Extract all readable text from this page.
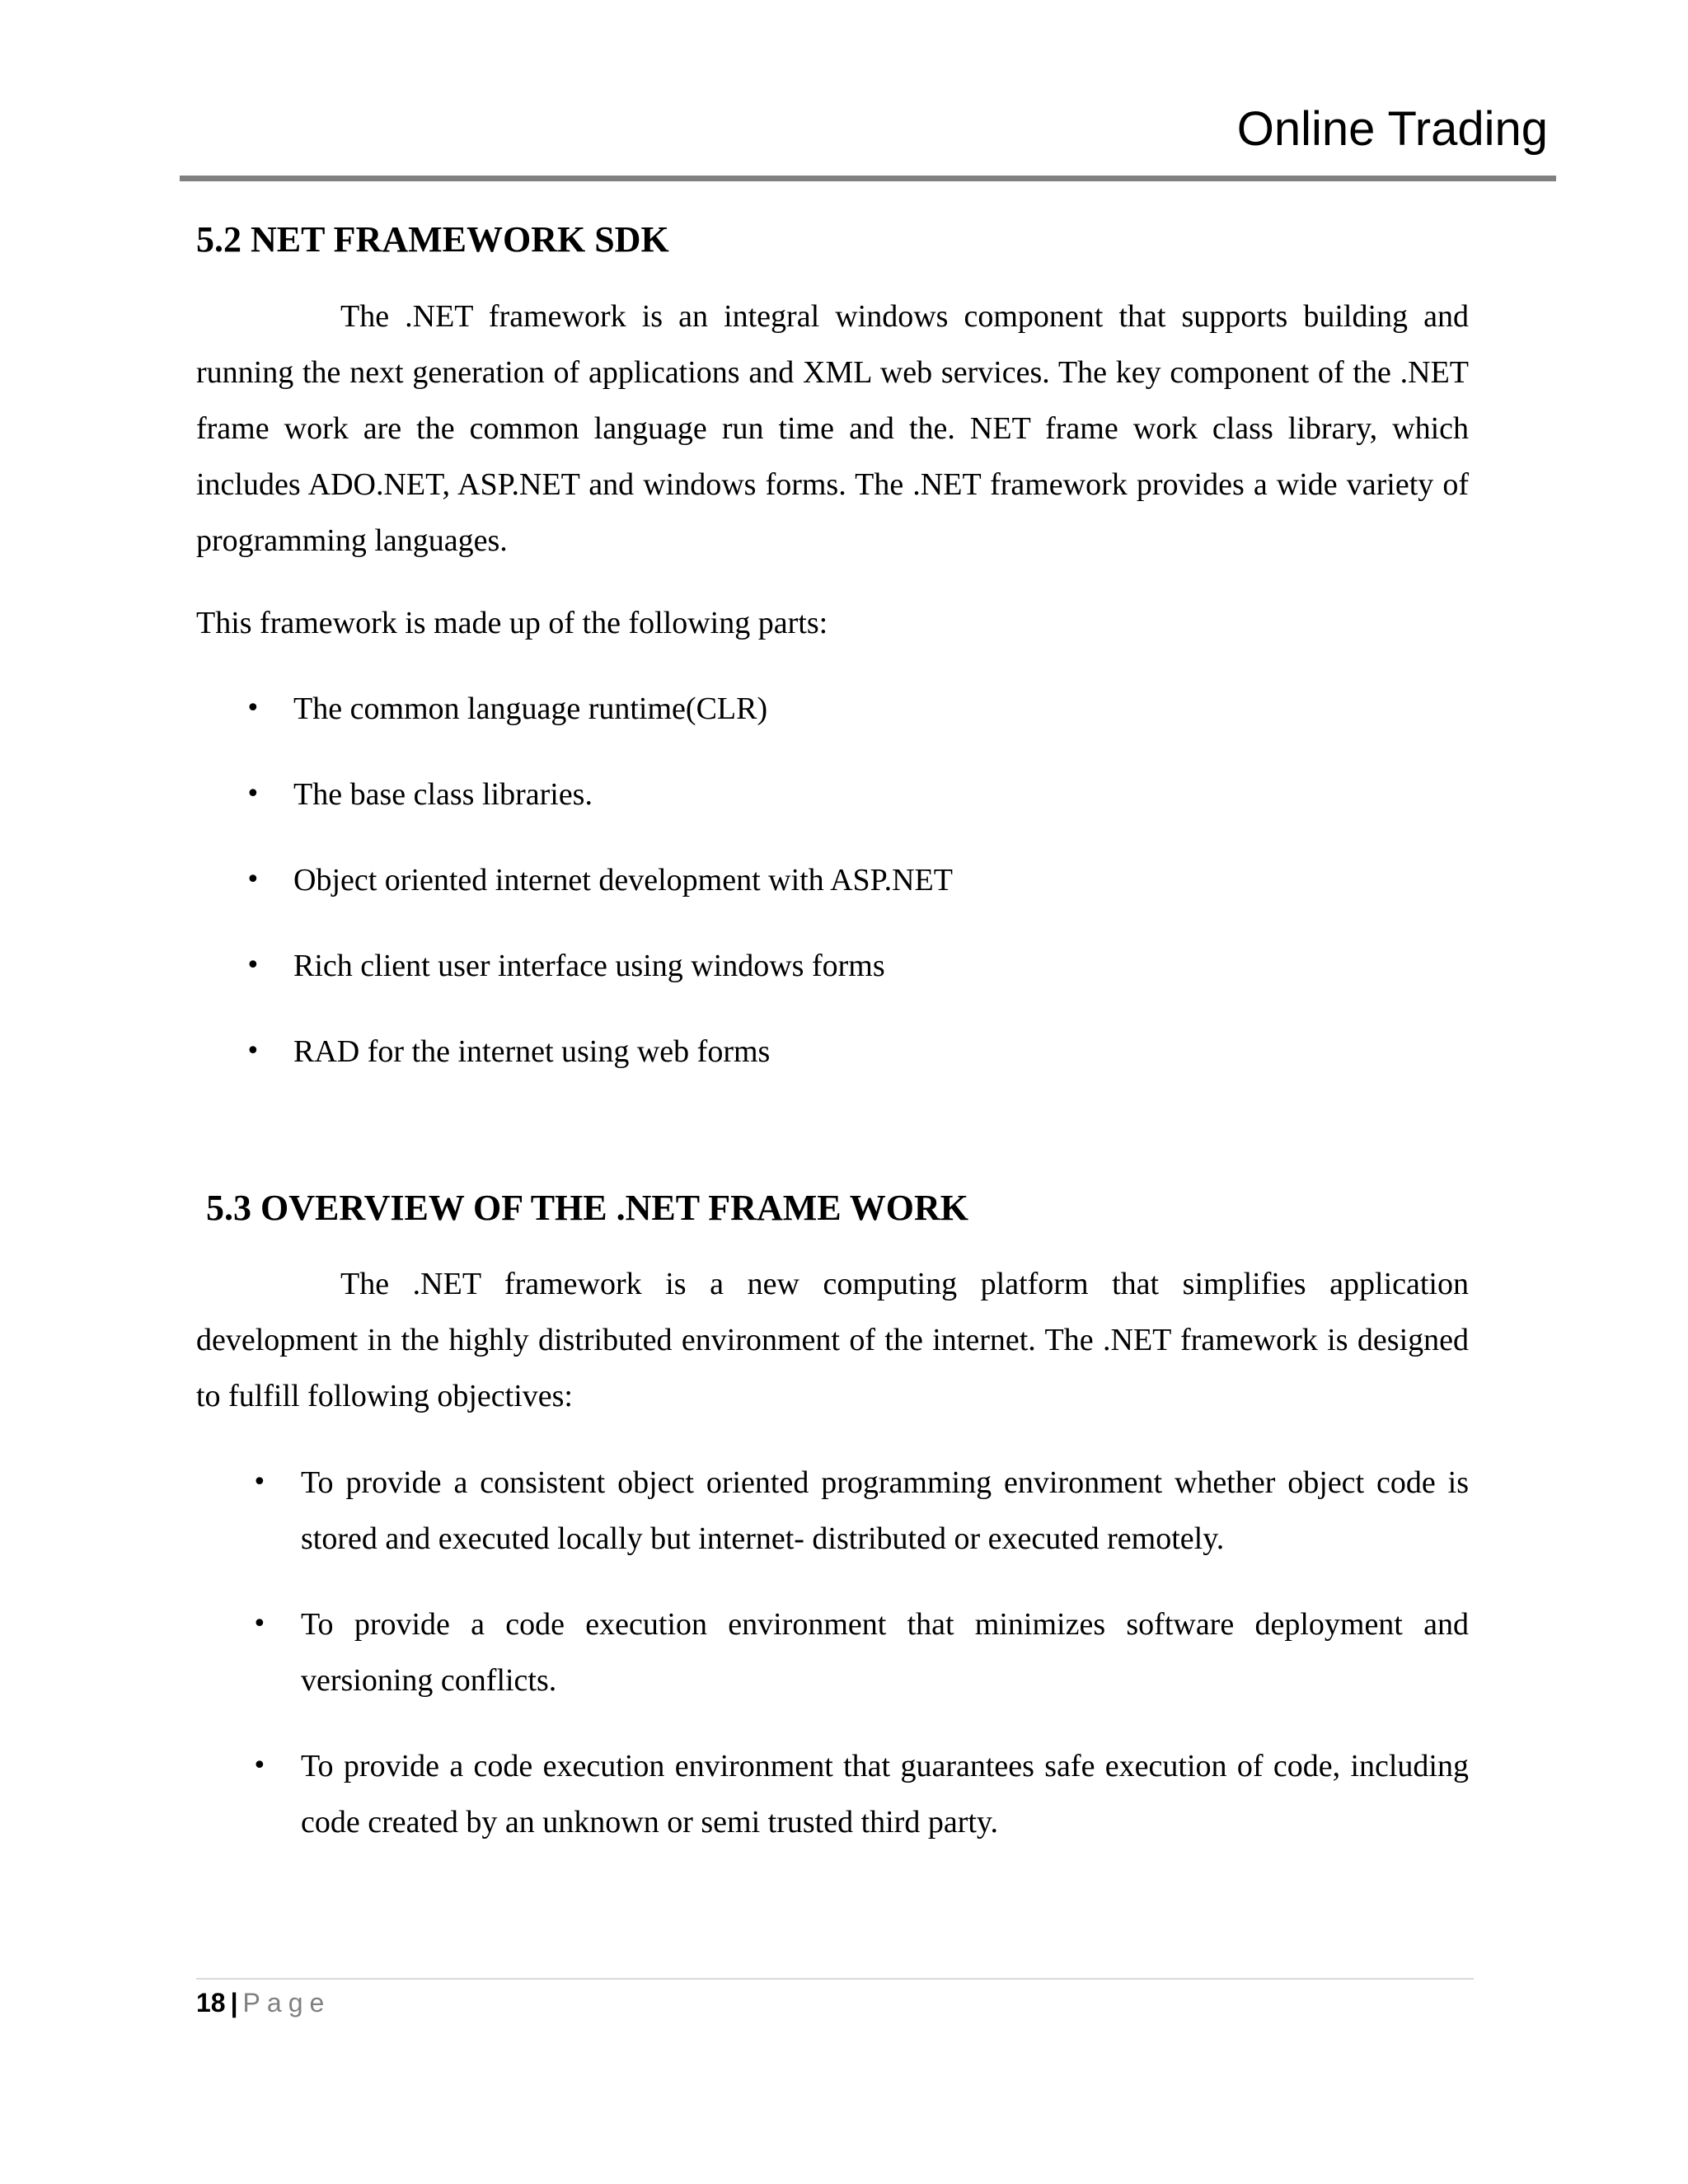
Online Trading
5.2 NET FRAMEWORK SDK

The .NET framework is an integral windows component that supports building and running the next generation of applications and XML web services. The key component of the .NET frame work are the common language run time and the. NET frame work class library, which includes ADO.NET, ASP.NET and windows forms. The .NET framework provides a wide variety of programming languages.

This framework is made up of the following parts:

• The common language runtime(CLR)
• The base class libraries.
• Object oriented internet development with ASP.NET
• Rich client user interface using windows forms
• RAD for the internet using web forms
5.3 OVERVIEW OF THE .NET FRAME WORK

The .NET framework is a new computing platform that simplifies application development in the highly distributed environment of the internet. The .NET framework is designed to fulfill following objectives:

• To provide a consistent object oriented programming environment whether object code is stored and executed locally but internet- distributed or executed remotely.
• To provide a code execution environment that minimizes software deployment and versioning conflicts.
• To provide a code execution environment that guarantees safe execution of code, including code created by an unknown or semi trusted third party.
18 | Page
